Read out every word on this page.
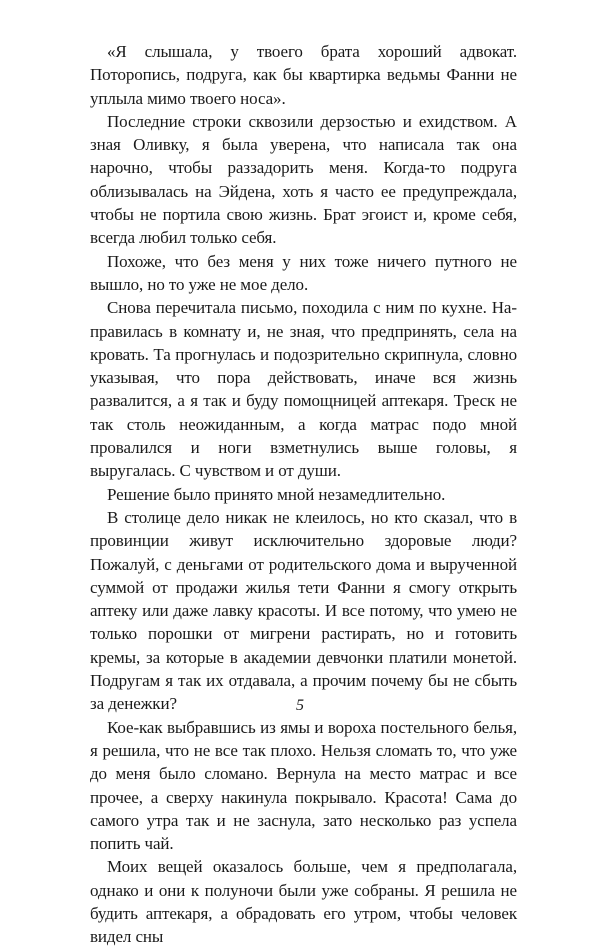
«Я слышала, у твоего брата хороший адвокат. Поторопись, подруга, как бы квартирка ведьмы Фанни не уплыла мимо твоего носа».

Последние строки сквозили дерзостью и ехидством. А зная Оливку, я была уверена, что написала так она нарочно, чтобы раззадорить меня. Когда-то подруга облизывалась на Эйдена, хоть я часто ее предупреждала, чтобы не портила свою жизнь. Брат эгоист и, кроме себя, всегда любил только себя.

Похоже, что без меня у них тоже ничего путного не вышло, но то уже не мое дело.

Снова перечитала письмо, походила с ним по кухне. Направилась в комнату и, не зная, что предпринять, села на кровать. Та прогнулась и подозрительно скрипнула, словно указывая, что пора действовать, иначе вся жизнь развалится, а я так и буду помощницей аптекаря. Треск не так столь неожиданным, а когда матрас подо мной провалился и ноги взметнулись выше головы, я выругалась. С чувством и от души.

Решение было принято мной незамедлительно.

В столице дело никак не клеилось, но кто сказал, что в провинции живут исключительно здоровые люди? Пожалуй, с деньгами от родительского дома и вырученной суммой от продажи жилья тети Фанни я смогу открыть аптеку или даже лавку красоты. И все потому, что умею не только порошки от мигрени растирать, но и готовить кремы, за которые в академии девчонки платили монетой. Подругам я так их отдавала, а прочим почему бы не сбыть за денежки?

Кое-как выбравшись из ямы и вороха постельного белья, я решила, что не все так плохо. Нельзя сломать то, что уже до меня было сломано. Вернула на место матрас и все прочее, а сверху накинула покрывало. Красота! Сама до самого утра так и не заснула, зато несколько раз успела попить чай.

Моих вещей оказалось больше, чем я предполагала, однако и они к полуночи были уже собраны. Я решила не будить аптекаря, а обрадовать его утром, чтобы человек видел сны

5
